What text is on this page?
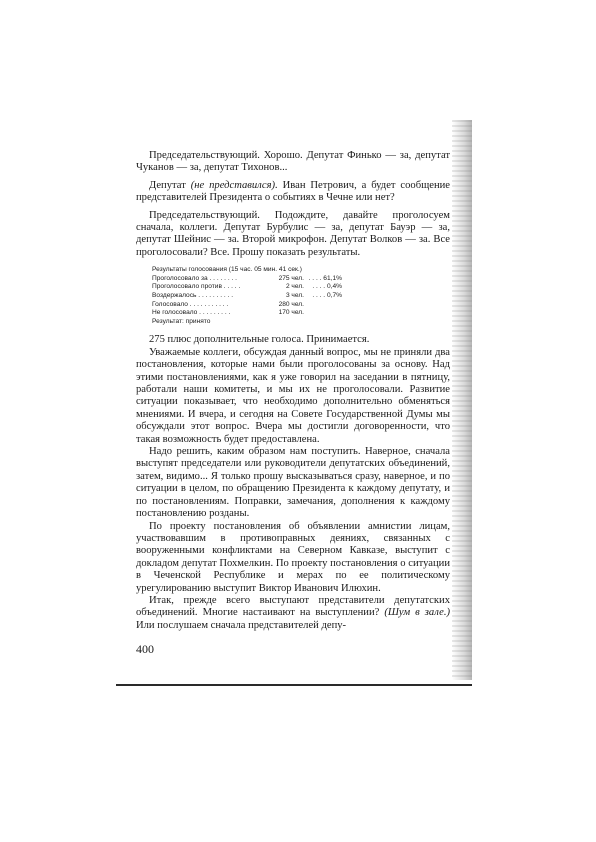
Председательствующий. Хорошо. Депутат Финько — за, депутат Чуканов — за, депутат Тихонов...

Депутат (не представился). Иван Петрович, а будет сообщение представителей Президента о событиях в Чечне или нет?

Председательствующий. Подождите, давайте проголосуем сначала, коллеги. Депутат Бурбулис — за, депутат Бауэр — за, депутат Шейнис — за. Второй микрофон. Депутат Волков — за. Все проголосовали? Все. Прошу показать результаты.

Результаты голосования (15 час. 05 мин. 41 сек.)
Проголосовало за . . . . . . . .	275 чел. . . . . 61,1%
Проголосовало против . . . . .	2 чел.	. . . . 0,4%
Воздержалось . . . . . . . . . .	3 чел.	. . . . 0,7%
Голосовало . . . . . . . . . . .	280 чел.
Не голосовало . . . . . . . . .	170 чел.
Результат: принято

275 плюс дополнительные голоса. Принимается.

Уважаемые коллеги, обсуждая данный вопрос, мы не приняли два постановления, которые нами были проголосованы за основу. Над этими постановлениями, как я уже говорил на заседании в пятницу, работали наши комитеты, и мы их не проголосовали. Развитие ситуации показывает, что необходимо дополнительно обменяться мнениями. И вчера, и сегодня на Совете Государственной Думы мы обсуждали этот вопрос. Вчера мы достигли договоренности, что такая возможность будет предоставлена.

Надо решить, каким образом нам поступить. Наверное, сначала выступят председатели или руководители депутатских объединений, затем, видимо... Я только прошу высказываться сразу, наверное, и по ситуации в целом, по обращению Президента к каждому депутату, и по постановлениям. Поправки, замечания, дополнения к каждому постановлению розданы.

По проекту постановления об объявлении амнистии лицам, участвовавшим в противоправных деяниях, связанных с вооруженными конфликтами на Северном Кавказе, выступит с докладом депутат Похмелкин. По проекту постановления о ситуации в Чеченской Республике и мерах по ее политическому урегулированию выступит Виктор Иванович Илюхин.

Итак, прежде всего выступают представители депутатских объединений. Многие настаивают на выступлении? (Шум в зале.) Или послушаем сначала представителей депу-

400
